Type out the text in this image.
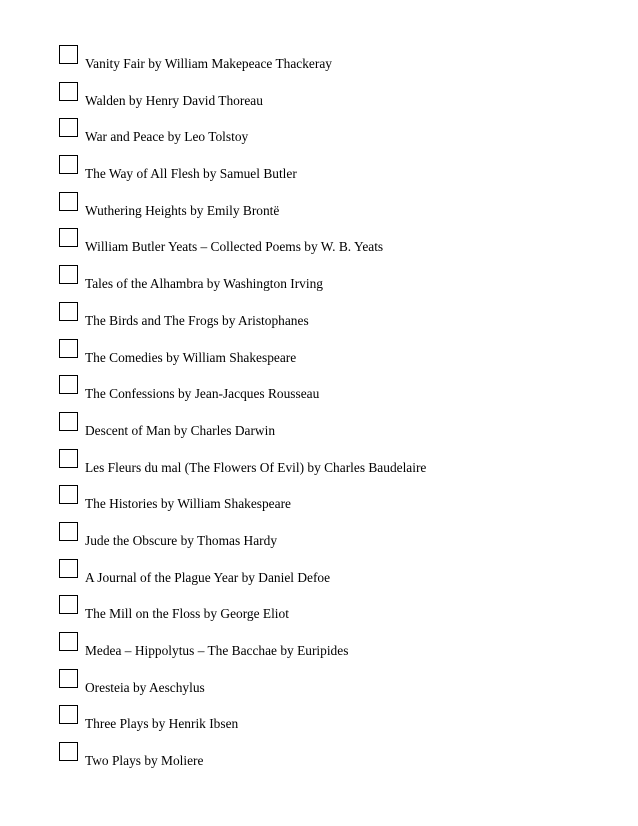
Vanity Fair by William Makepeace Thackeray
Walden by Henry David Thoreau
War and Peace by Leo Tolstoy
The Way of All Flesh by Samuel Butler
Wuthering Heights by Emily Brontë
William Butler Yeats – Collected Poems by W. B. Yeats
Tales of the Alhambra by Washington Irving
The Birds and The Frogs by Aristophanes
The Comedies by William Shakespeare
The Confessions by Jean-Jacques Rousseau
Descent of Man by Charles Darwin
Les Fleurs du mal (The Flowers Of Evil) by Charles Baudelaire
The Histories by William Shakespeare
Jude the Obscure by Thomas Hardy
A Journal of the Plague Year by Daniel Defoe
The Mill on the Floss by George Eliot
Medea – Hippolytus – The Bacchae by Euripides
Oresteia by Aeschylus
Three Plays by Henrik Ibsen
Two Plays by Moliere
